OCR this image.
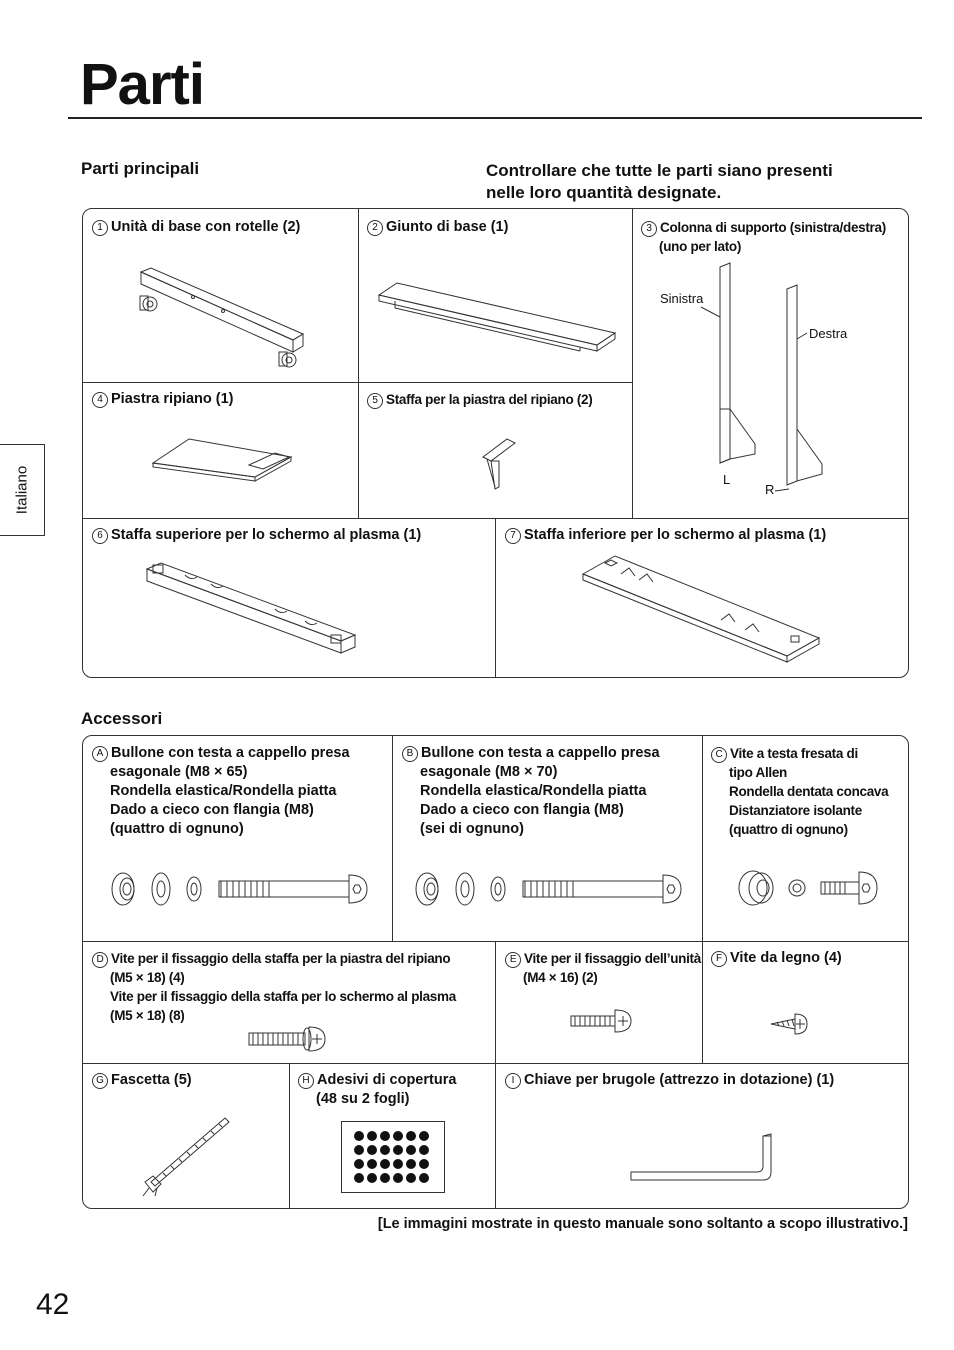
Parti
Italiano
Parti principali	Controllare che tutte le parti siano presenti
nelle loro quantità designate.
1 Unità di base con rotelle (2)	2 Giunto di base (1)	3 Colonna di supporto (sinistra/destra)
(uno per lato)
Sinistra
Destra
L
R
4 Piastra ripiano (1)	5 Staffa per la piastra del ripiano (2)
6 Staffa superiore per lo schermo al plasma (1)	7 Staffa inferiore per lo schermo al plasma (1)
Accessori
A Bullone con testa a cappello presa
esagonale (M8 × 65)
Rondella elastica/Rondella piatta
Dado a cieco con flangia (M8)
(quattro di ognuno)
B Bullone con testa a cappello presa
esagonale (M8 × 70)
Rondella elastica/Rondella piatta
Dado a cieco con flangia (M8)
(sei di ognuno)
C Vite a testa fresata di
tipo Allen
Rondella dentata concava
Distanziatore isolante
(quattro di ognuno)
D Vite per il fissaggio della staffa per la piastra del ripiano
(M5 × 18) (4)
Vite per il fissaggio della staffa per lo schermo al plasma
(M5 × 18) (8)
E Vite per il fissaggio dell’unità
(M4 × 16) (2)
F Vite da legno (4)
G Fascetta (5)	H Adesivi di copertura
(48 su 2 fogli)
I Chiave per brugole (attrezzo in dotazione) (1)
[Le immagini mostrate in questo manuale sono soltanto a scopo illustrativo.]
42
